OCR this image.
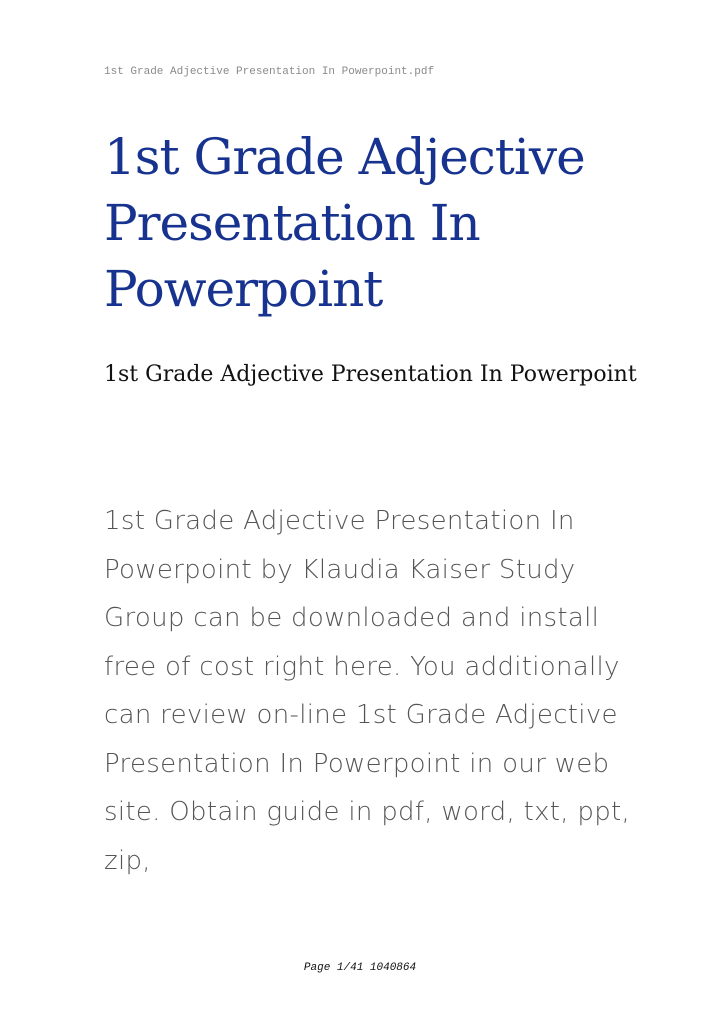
1st Grade Adjective Presentation In Powerpoint.pdf
1st Grade Adjective Presentation In Powerpoint
1st Grade Adjective Presentation In Powerpoint

1st Grade Adjective Presentation In Powerpoint by Klaudia Kaiser Study Group can be downloaded and install free of cost right here. You additionally can review on-line 1st Grade Adjective Presentation In Powerpoint in our web site. Obtain guide in pdf, word, txt, ppt, zip,

Page 1/41 1040864
